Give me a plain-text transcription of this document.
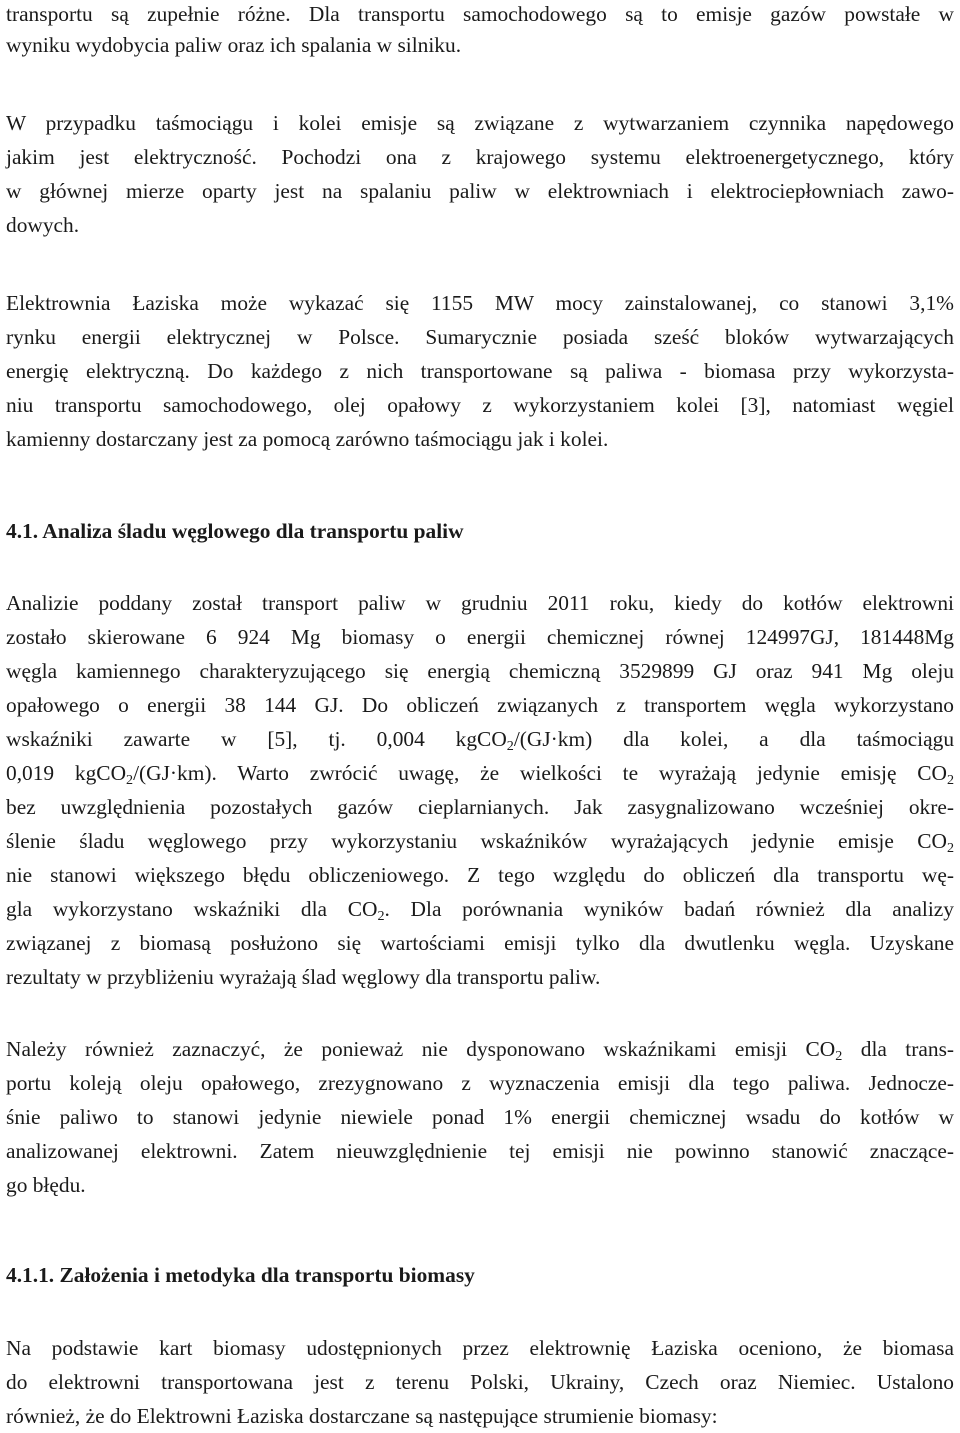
transportu są zupełnie różne. Dla transportu samochodowego są to emisje gazów powstałe w
wyniku wydobycia paliw oraz ich spalania w silniku.
W przypadku taśmociągu i kolei emisje są związane z wytwarzaniem czynnika napędowego
jakim jest elektryczność. Pochodzi ona z krajowego systemu elektroenergetycznego, który
w głównej mierze oparty jest na spalaniu paliw w elektrowniach i elektrociepłowniach zawo-
dowych.
Elektrownia Łaziska może wykazać się 1155 MW mocy zainstalowanej, co stanowi 3,1%
rynku energii elektrycznej w Polsce. Sumarycznie posiada sześć bloków wytwarzających
energię elektryczną. Do każdego z nich transportowane są paliwa - biomasa przy wykorzysta-
niu transportu samochodowego, olej opałowy z wykorzystaniem kolei [3], natomiast węgiel
kamienny dostarczany jest za pomocą zarówno taśmociągu jak i kolei.
4.1. Analiza śladu węglowego dla transportu paliw
Analizie poddany został transport paliw w grudniu 2011 roku, kiedy do kotłów elektrowni
zostało skierowane 6 924 Mg biomasy o energii chemicznej równej 124997GJ, 181448Mg
węgla kamiennego charakteryzującego się energią chemiczną 3529899 GJ oraz 941 Mg oleju
opałowego o energii 38 144 GJ. Do obliczeń związanych z transportem węgla wykorzystano
wskaźniki zawarte w [5], tj. 0,004 kgCO$_2$/(GJ·km) dla kolei, a dla taśmociągu
0,019 kgCO$_2$/(GJ·km). Warto zwrócić uwagę, że wielkości te wyrażają jedynie emisję $CO_2$
bez uwzględnienia pozostałych gazów cieplarnianych. Jak zasygnalizowano wcześniej okre-
ślenie śladu węglowego przy wykorzystaniu wskaźników wyrażających jedynie emisje $CO_2$
nie stanowi większego błędu obliczeniowego. Z tego względu do obliczeń dla transportu wę-
gla wykorzystano wskaźniki dla $CO_2$. Dla porównania wyników badań również dla analizy
związanej z biomasą posłużono się wartościami emisji tylko dla dwutlenku węgla. Uzyskane
rezultaty w przybliżeniu wyrażają ślad węglowy dla transportu paliw.
Należy również zaznaczyć, że ponieważ nie dysponowano wskaźnikami emisji $CO_2$ dla trans-
portu koleją oleju opałowego, zrezygnowano z wyznaczenia emisji dla tego paliwa. Jednocze-
śnie paliwo to stanowi jedynie niewiele ponad 1% energii chemicznej wsadu do kotłów w
analizowanej elektrowni. Zatem nieuwzględnienie tej emisji nie powinno stanowić znaczące-
go błędu.
4.1.1. Założenia i metodyka dla transportu biomasy
Na podstawie kart biomasy udostępnionych przez elektrownię Łaziska oceniono, że biomasa
do elektrowni transportowana jest z terenu Polski, Ukrainy, Czech oraz Niemiec. Ustalono
również, że do Elektrowni Łaziska dostarczane są następujące strumienie biomasy:
